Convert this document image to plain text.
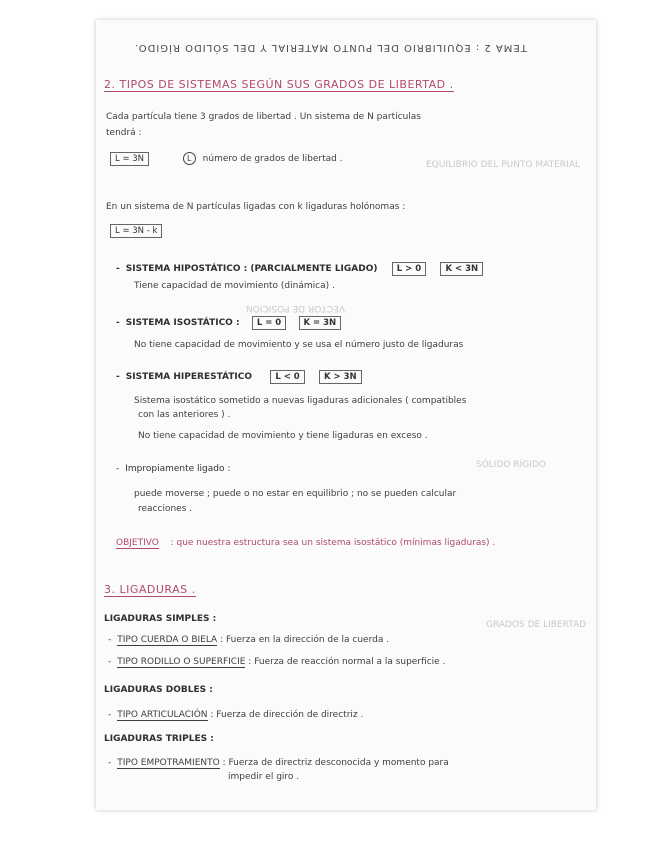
EQUILIBRIO DEL PUNTO MATERIAL
VECTOR DE POSICIÓN
SÓLIDO RÍGIDO
GRADOS DE LIBERTAD
TEMA 2 : EQUILIBRIO DEL PUNTO MATERIAL Y DEL SÓLIDO RÍGIDO.
2. TIPOS DE SISTEMAS SEGÚN SUS GRADOS DE LIBERTAD .
Cada partícula tiene 3 grados de libertad . Un sistema de N partículas
tendrá :
L = 3N	L número de grados de libertad .
En un sistema de N partículas ligadas con k ligaduras holónomas :
L = 3N - k
- SISTEMA HIPOSTÁTICO : (PARCIALMENTE LIGADO) L > 0	K < 3N
Tiene capacidad de movimiento (dinámica) .
- SISTEMA ISOSTÁTICO : L = 0	K = 3N
No tiene capacidad de movimiento y se usa el número justo de ligaduras
- SISTEMA HIPERESTÁTICO	L < 0	K > 3N
Sistema isostático sometido a nuevas ligaduras adicionales ( compatibles
con las anteriores ) .
No tiene capacidad de movimiento y tiene ligaduras en exceso .
- Impropiamente ligado :
puede moverse ; puede o no estar en equilibrio ; no se pueden calcular
reacciones .
OBJETIVO : que nuestra estructura sea un sistema isostático (mínimas ligaduras) .
3. LIGADURAS .
LIGADURAS SIMPLES :
- TIPO CUERDA O BIELA : Fuerza en la dirección de la cuerda .
- TIPO RODILLO O SUPERFICIE : Fuerza de reacción normal a la superficie .
LIGADURAS DOBLES :
- TIPO ARTICULACIÓN : Fuerza de dirección de directriz .
LIGADURAS TRIPLES :
- TIPO EMPOTRAMIENTO : Fuerza de directriz desconocida y momento para
impedir el giro .
